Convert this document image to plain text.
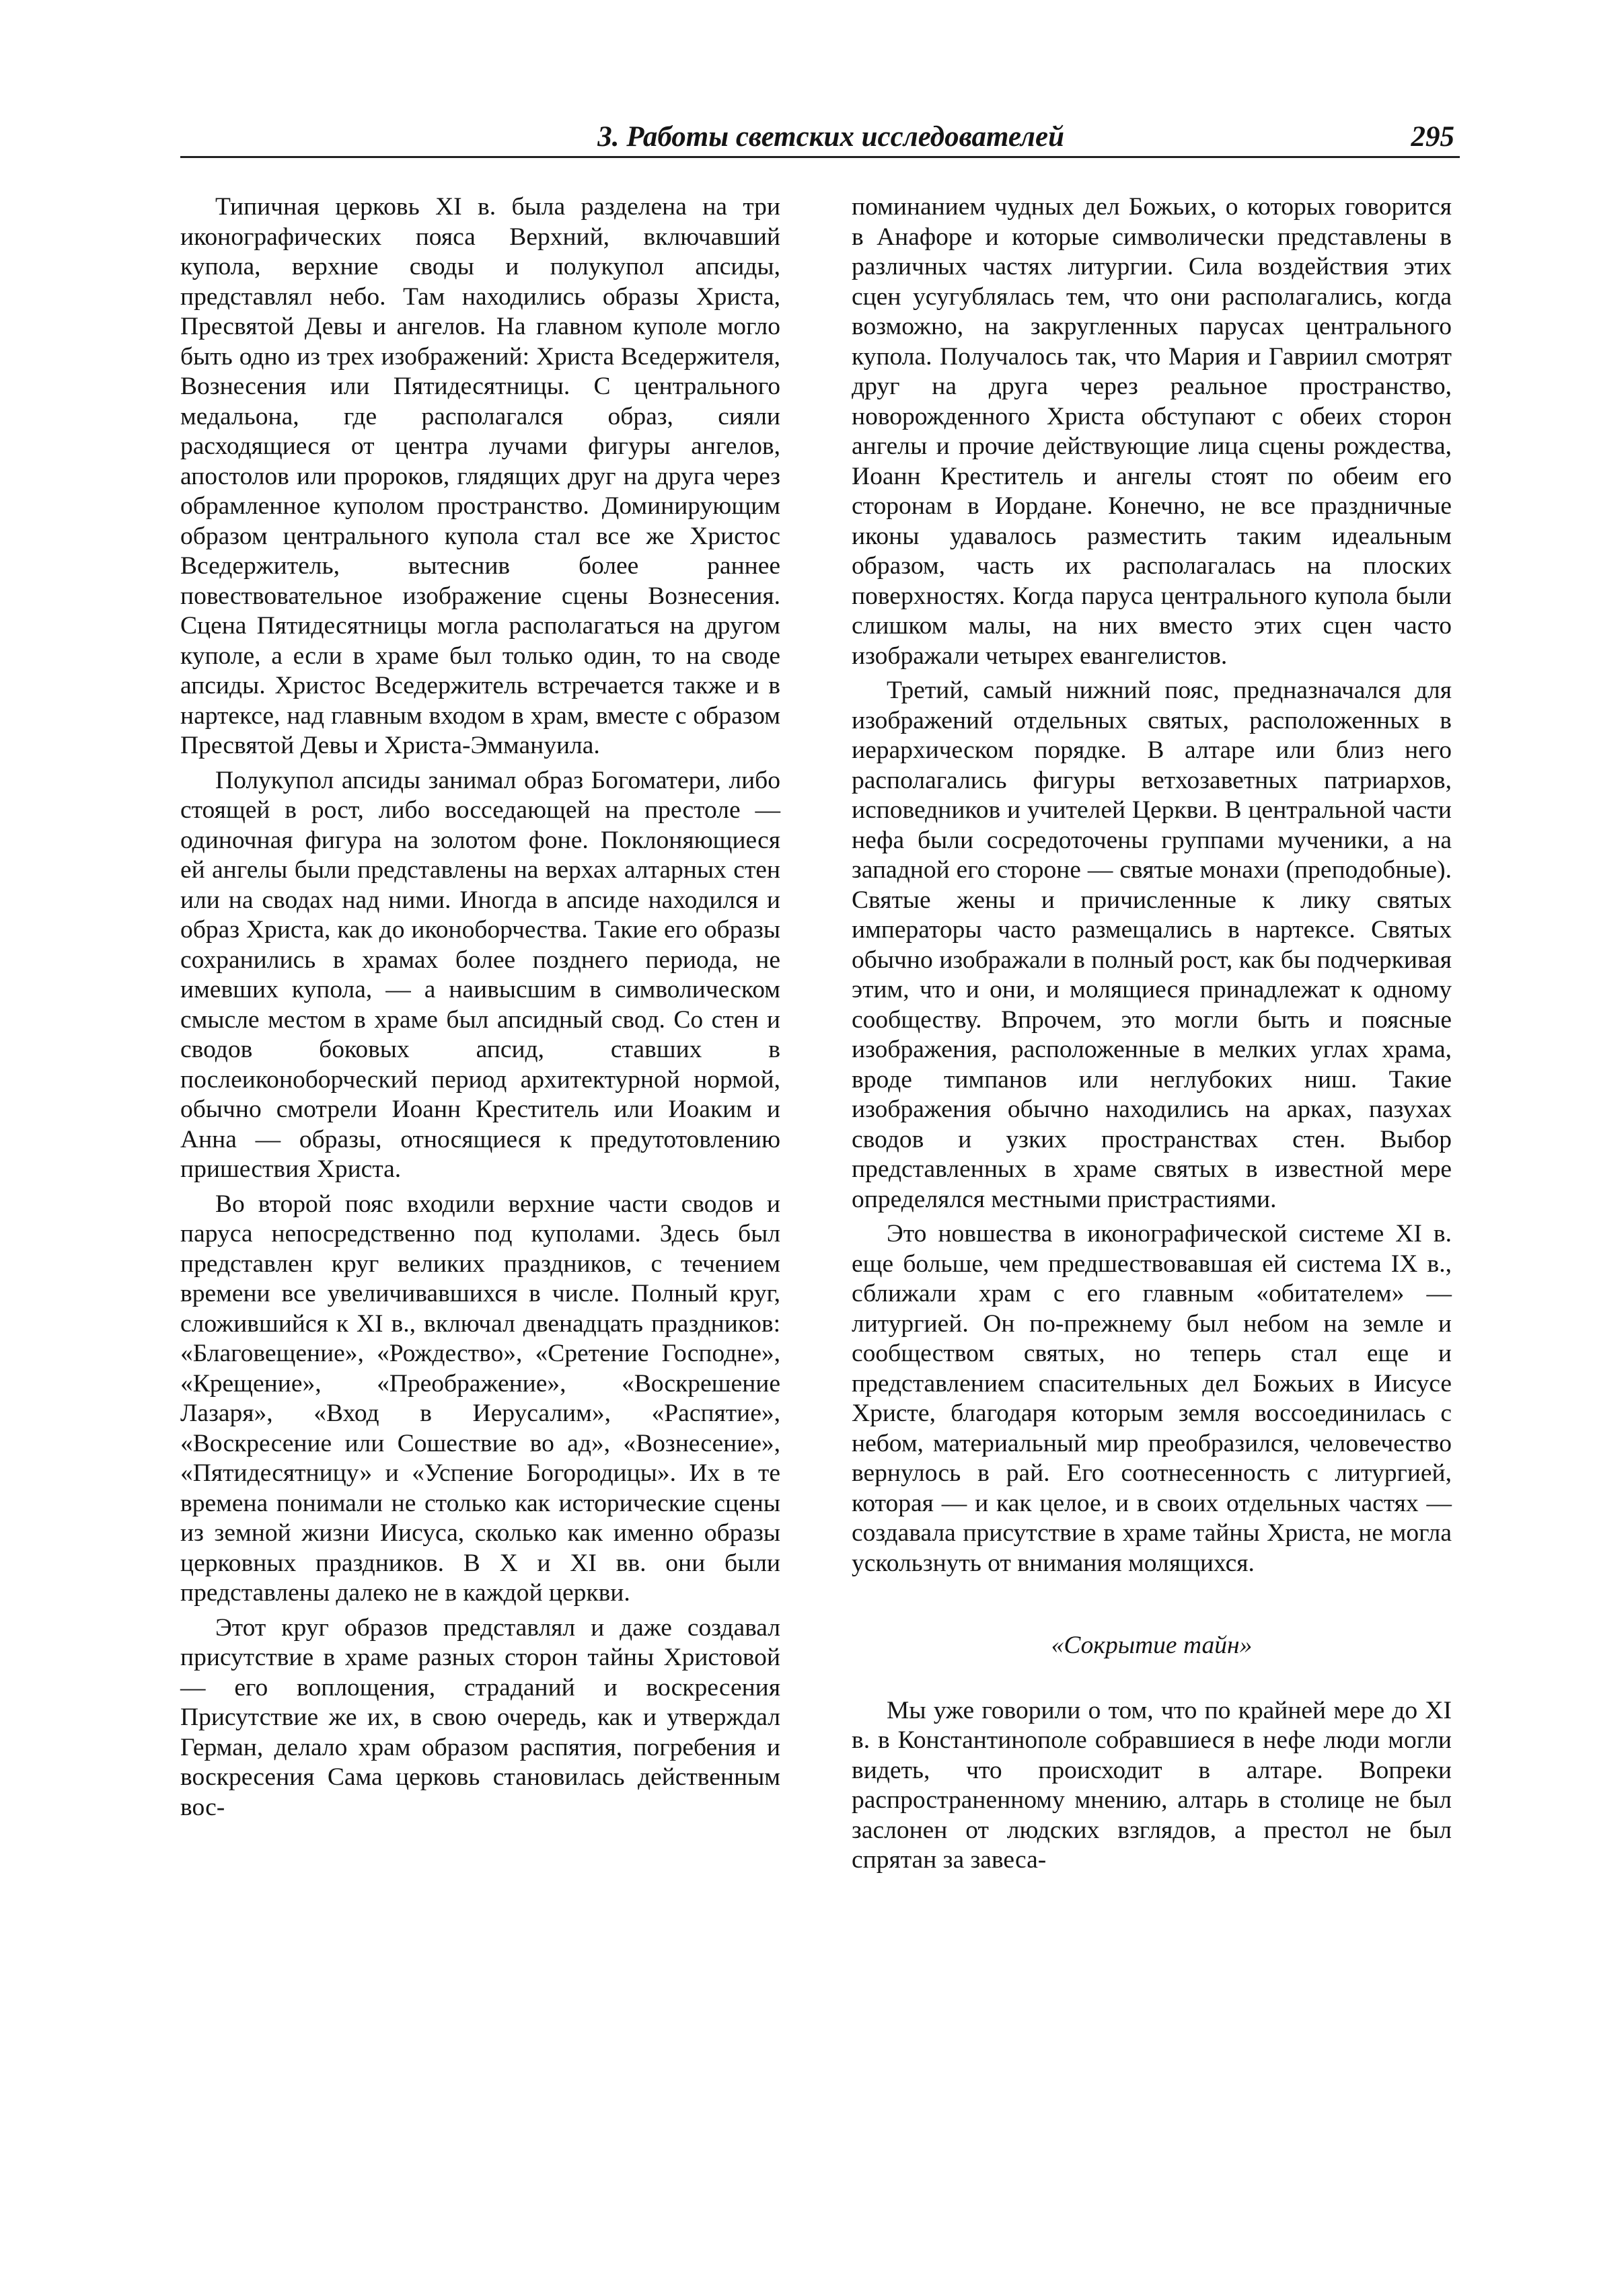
3. Работы светских исследователей	295

Типичная церковь XI в. была разделена на три иконографических пояса Верхний, включавший купола, верхние своды и полукупол апсиды, представлял небо. Там находились образы Христа, Пресвятой Девы и ангелов. На главном куполе могло быть одно из трех изображений: Христа Вседержителя, Вознесения или Пятидесятницы. С центрального медальона, где располагался образ, сияли расходящиеся от центра лучами фигуры ангелов, апостолов или пророков, глядящих друг на друга через обрамленное куполом пространство. Доминирующим образом центрального купола стал все же Христос Вседержитель, вытеснив более раннее повествовательное изображение сцены Вознесения. Сцена Пятидесятницы могла располагаться на другом куполе, а если в храме был только один, то на своде апсиды. Христос Вседержитель встречается также и в нартексе, над главным входом в храм, вместе с образом Пресвятой Девы и Христа-Эммануила.

Полукупол апсиды занимал образ Богоматери, либо стоящей в рост, либо восседающей на престоле — одиночная фигура на золотом фоне. Поклоняющиеся ей ангелы были представлены на верхах алтарных стен или на сводах над ними. Иногда в апсиде находился и образ Христа, как до иконоборчества. Такие его образы сохранились в храмах более позднего периода, не имевших купола, — а наивысшим в символическом смысле местом в храме был апсидный свод. Со стен и сводов боковых апсид, ставших в послеиконоборческий период архитектурной нормой, обычно смотрели Иоанн Креститель или Иоаким и Анна — образы, относящиеся к предутотовлению пришествия Христа.

Во второй пояс входили верхние части сводов и паруса непосредственно под куполами. Здесь был представлен круг великих праздников, с течением времени все увеличивавшихся в числе. Полный круг, сложившийся к XI в., включал двенадцать праздников: «Благовещение», «Рождество», «Сретение Господне», «Крещение», «Преображение», «Воскрешение Лазаря», «Вход в Иерусалим», «Распятие», «Воскресение или Сошествие во ад», «Вознесение», «Пятидесятницу» и «Успение Богородицы». Их в те времена понимали не столько как исторические сцены из земной жизни Иисуса, сколько как именно образы церковных праздников. В X и XI вв. они были представлены далеко не в каждой церкви.

Этот круг образов представлял и даже создавал присутствие в храме разных сторон тайны Христовой — его воплощения, страданий и воскресения Присутствие же их, в свою очередь, как и утверждал Герман, делало храм образом распятия, погребения и воскресения Сама церковь становилась действенным вос-

поминанием чудных дел Божьих, о которых говорится в Анафоре и которые символически представлены в различных частях литургии. Сила воздействия этих сцен усугублялась тем, что они располагались, когда возможно, на закругленных парусах центрального купола. Получалось так, что Мария и Гавриил смотрят друг на друга через реальное пространство, новорожденного Христа обступают с обеих сторон ангелы и прочие действующие лица сцены рождества, Иоанн Креститель и ангелы стоят по обеим его сторонам в Иордане. Конечно, не все праздничные иконы удавалось разместить таким идеальным образом, часть их располагалась на плоских поверхностях. Когда паруса центрального купола были слишком малы, на них вместо этих сцен часто изображали четырех евангелистов.

Третий, самый нижний пояс, предназначался для изображений отдельных святых, расположенных в иерархическом порядке. В алтаре или близ него располагались фигуры ветхозаветных патриархов, исповедников и учителей Церкви. В центральной части нефа были сосредоточены группами мученики, а на западной его стороне — святые монахи (преподобные). Святые жены и причисленные к лику святых императоры часто размещались в нартексе. Святых обычно изображали в полный рост, как бы подчеркивая этим, что и они, и молящиеся принадлежат к одному сообществу. Впрочем, это могли быть и поясные изображения, расположенные в мелких углах храма, вроде тимпанов или неглубоких ниш. Такие изображения обычно находились на арках, пазухах сводов и узких пространствах стен. Выбор представленных в храме святых в известной мере определялся местными пристрастиями.

Это новшества в иконографической системе XI в. еще больше, чем предшествовавшая ей система IX в., сближали храм с его главным «обитателем» — литургией. Он по-прежнему был небом на земле и сообществом святых, но теперь стал еще и представлением спасительных дел Божьих в Иисусе Христе, благодаря которым земля воссоединилась с небом, материальный мир преобразился, человечество вернулось в рай. Его соотнесенность с литургией, которая — и как целое, и в своих отдельных частях — создавала присутствие в храме тайны Христа, не могла ускользнуть от внимания молящихся.

«Сокрытие тайн»

Мы уже говорили о том, что по крайней мере до XI в. в Константинополе собравшиеся в нефе люди могли видеть, что происходит в алтаре. Вопреки распространенному мнению, алтарь в столице не был заслонен от людских взглядов, а престол не был спрятан за завеса-
